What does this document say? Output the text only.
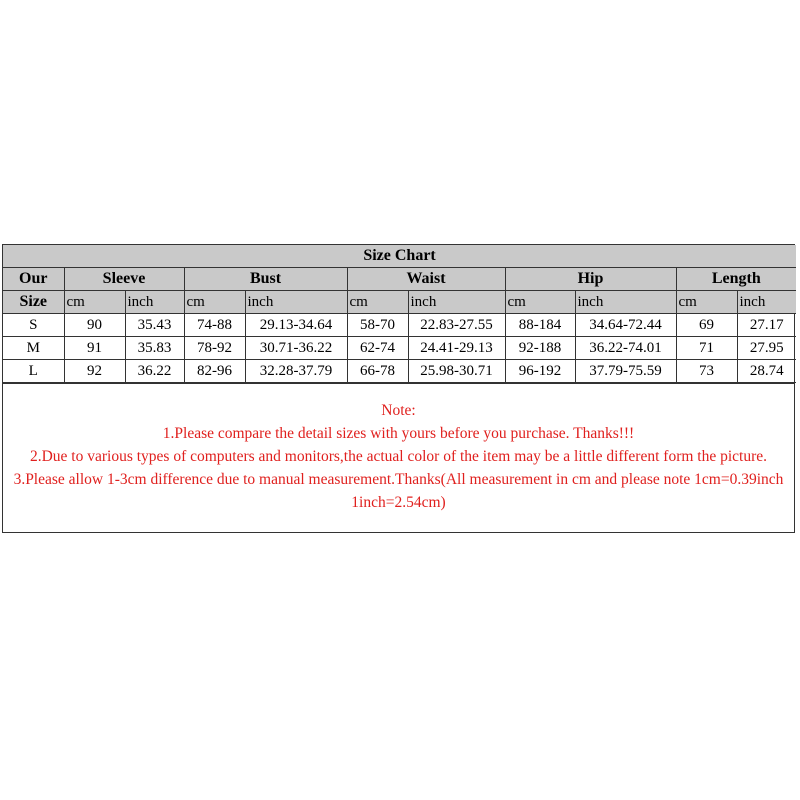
Size Chart										
Our	Sleeve		Bust		Waist		Hip		Length	
Size	cm	inch	cm	inch	cm	inch	cm	inch	cm	inch
S	90	35.43	74-88	29.13-34.64	58-70	22.83-27.55	88-184	34.64-72.44	69	27.17
M	91	35.83	78-92	30.71-36.22	62-74	24.41-29.13	92-188	36.22-74.01	71	27.95
L	92	36.22	82-96	32.28-37.79	66-78	25.98-30.71	96-192	37.79-75.59	73	28.74
Note:
1.Please compare the detail sizes with yours before you purchase. Thanks!!!
2.Due to various types of computers and monitors,the actual color of the item may be a little different form the picture.
3.Please allow 1-3cm difference due to manual measurement.Thanks(All measurement in cm and please note 1cm=0.39inch 1inch=2.54cm)
